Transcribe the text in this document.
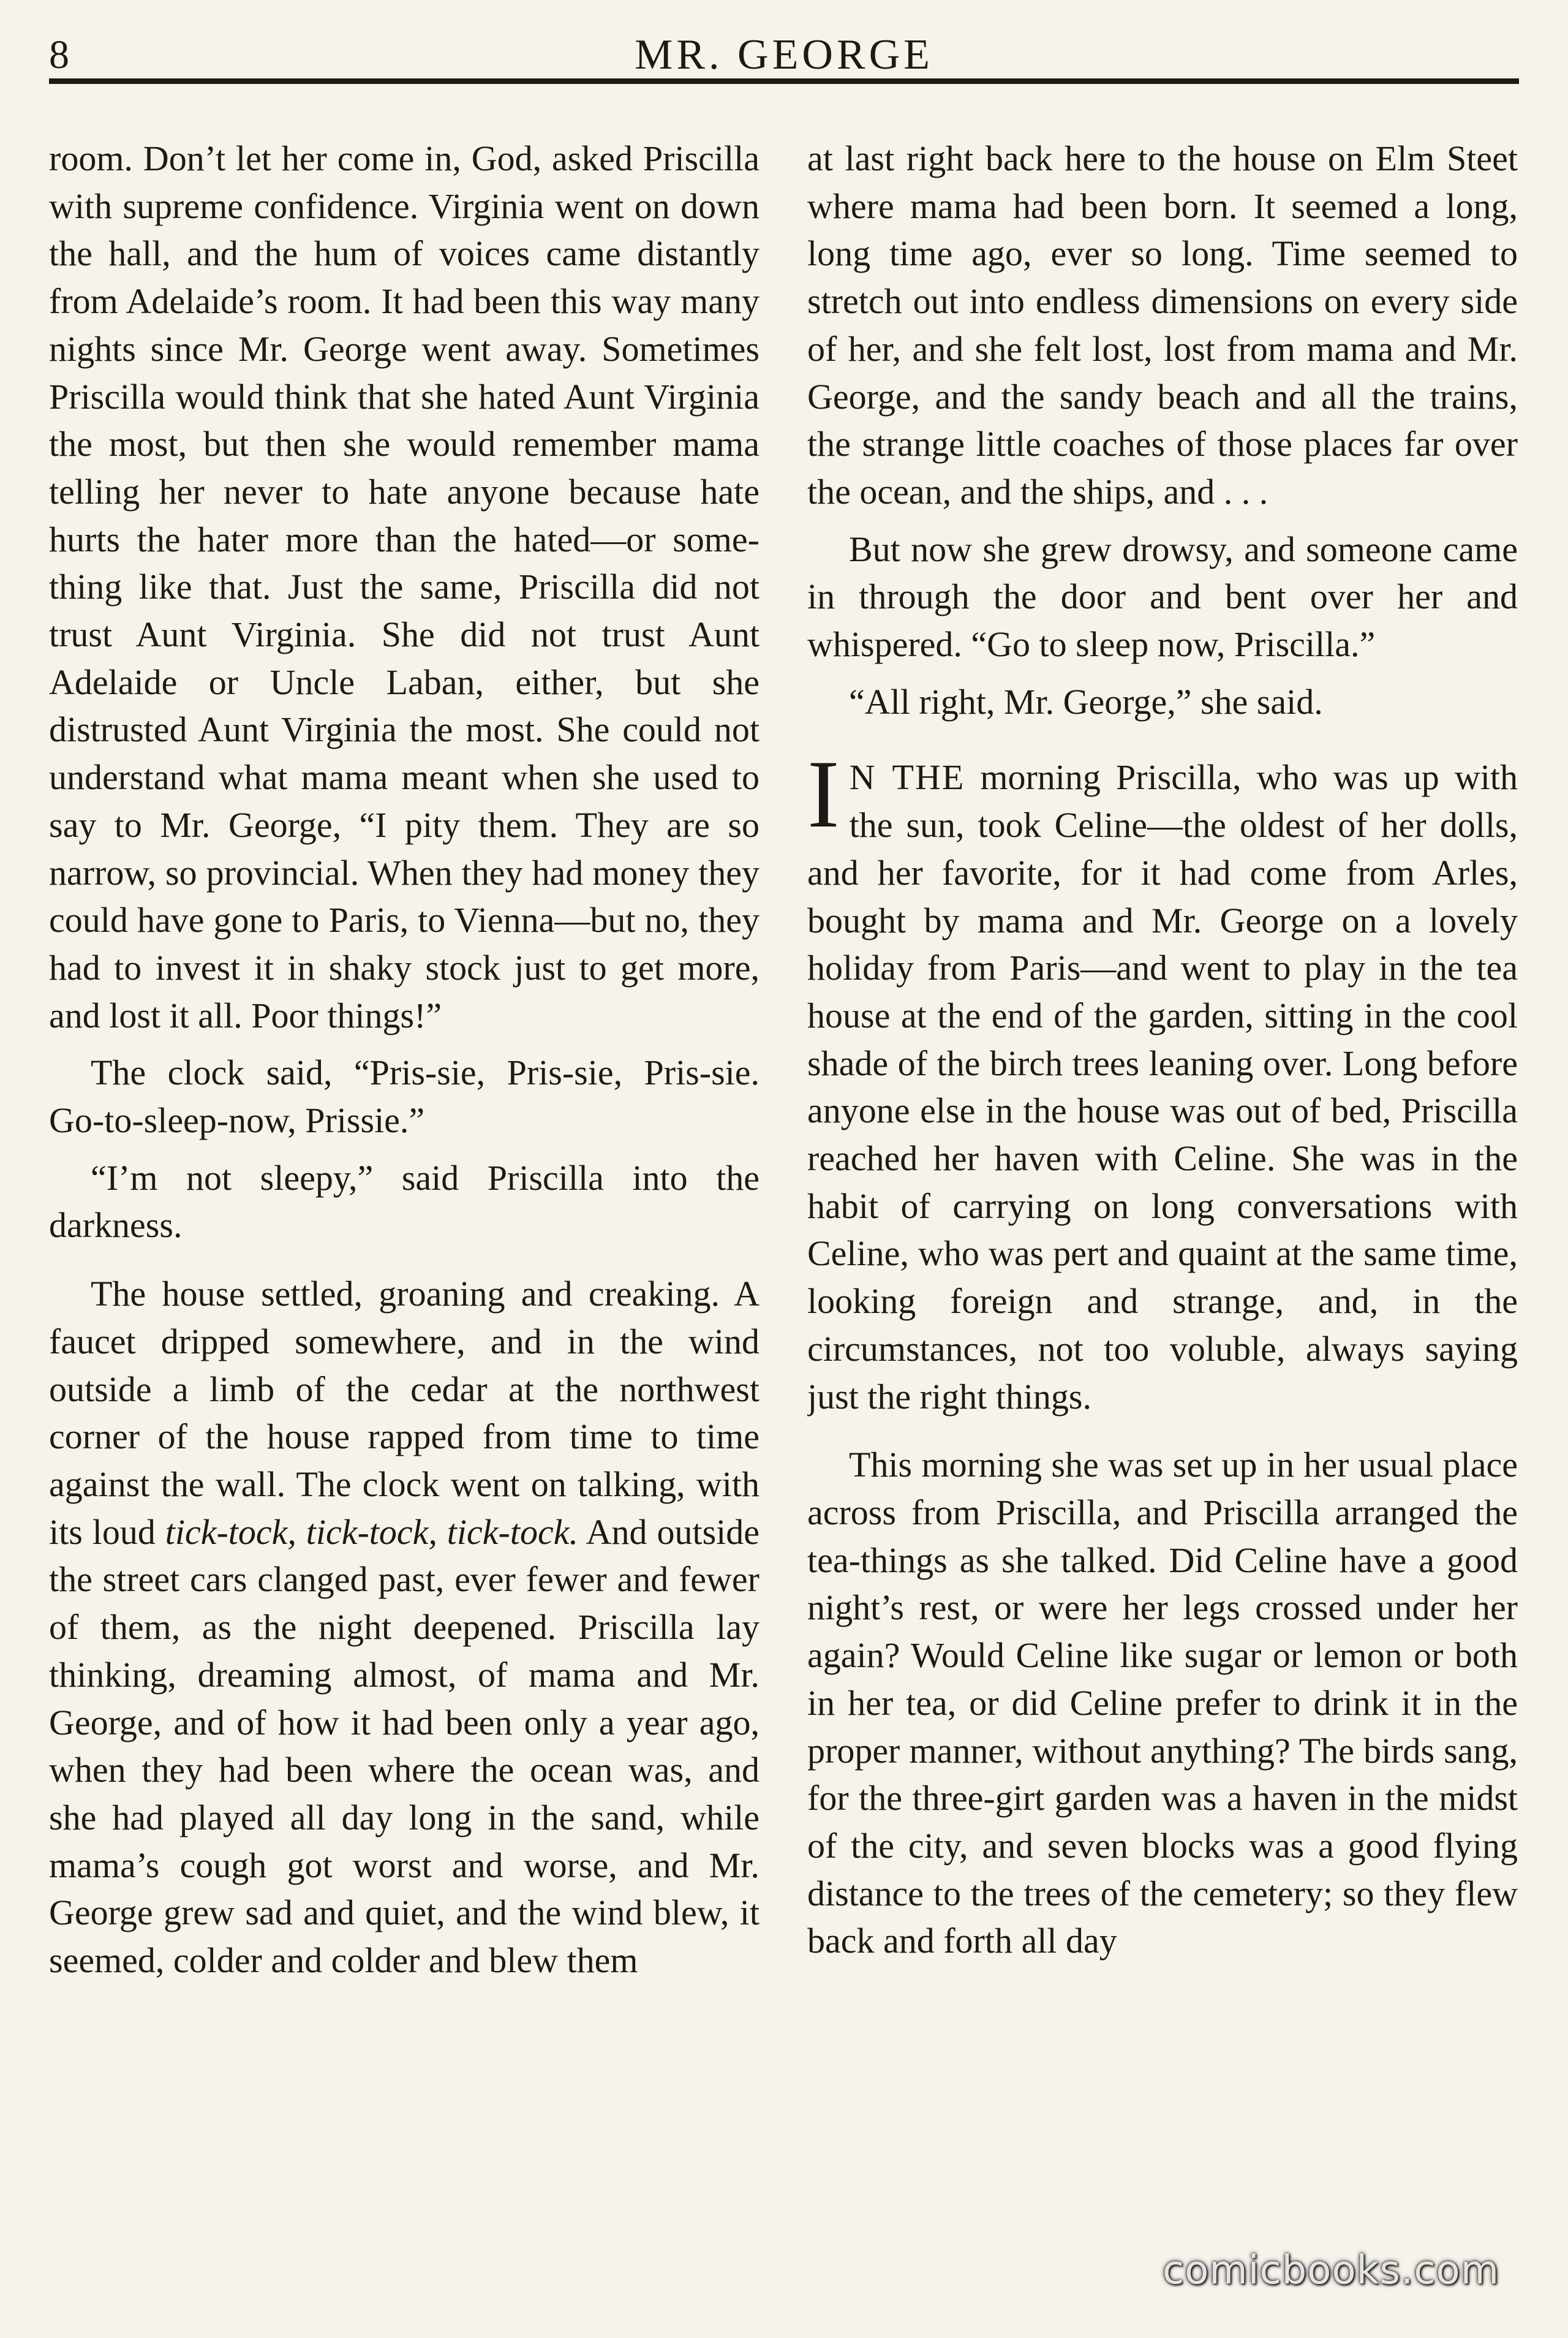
8	MR. GEORGE

room. Don’t let her come in, God, asked Priscilla with supreme confidence. Virginia went on down the hall, and the hum of voices came distantly from Adelaide’s room. It had been this way many nights since Mr. George went away. Sometimes Priscilla would think that she hated Aunt Virginia the most, but then she would remember mama telling her never to hate anyone because hate hurts the hater more than the hated—or something like that. Just the same, Priscilla did not trust Aunt Virginia. She did not trust Aunt Adelaide or Uncle Laban, either, but she distrusted Aunt Virginia the most. She could not understand what mama meant when she used to say to Mr. George, “I pity them. They are so narrow, so provincial. When they had money they could have gone to Paris, to Vienna—but no, they had to invest it in shaky stock just to get more, and lost it all. Poor things!”

The clock said, “Pris-sie, Pris-sie, Pris-sie. Go-to-sleep-now, Prissie.”

“I’m not sleepy,” said Priscilla into the darkness.

The house settled, groaning and creaking. A faucet dripped somewhere, and in the wind outside a limb of the cedar at the northwest corner of the house rapped from time to time against the wall. The clock went on talking, with its loud tick-tock, tick-tock, tick-tock. And outside the street cars clanged past, ever fewer and fewer of them, as the night deepened. Priscilla lay thinking, dreaming almost, of mama and Mr. George, and of how it had been only a year ago, when they had been where the ocean was, and she had played all day long in the sand, while mama’s cough got worst and worse, and Mr. George grew sad and quiet, and the wind blew, it seemed, colder and colder and blew them

at last right back here to the house on Elm Steet where mama had been born. It seemed a long, long time ago, ever so long. Time seemed to stretch out into endless dimensions on every side of her, and she felt lost, lost from mama and Mr. George, and the sandy beach and all the trains, the strange little coaches of those places far over the ocean, and the ships, and . . .

But now she grew drowsy, and someone came in through the door and bent over her and whispered. “Go to sleep now, Priscilla.”

“All right, Mr. George,” she said.

I N THE morning Priscilla, who was up with the sun, took Celine—the oldest of her dolls, and her favorite, for it had come from Arles, bought by mama and Mr. George on a lovely holiday from Paris—and went to play in the tea house at the end of the garden, sitting in the cool shade of the birch trees leaning over. Long before anyone else in the house was out of bed, Priscilla reached her haven with Celine. She was in the habit of carrying on long conversations with Celine, who was pert and quaint at the same time, looking foreign and strange, and, in the circumstances, not too voluble, always saying just the right things.

This morning she was set up in her usual place across from Priscilla, and Priscilla arranged the tea-things as she talked. Did Celine have a good night’s rest, or were her legs crossed under her again? Would Celine like sugar or lemon or both in her tea, or did Celine prefer to drink it in the proper manner, without anything? The birds sang, for the three-girt garden was a haven in the midst of the city, and seven blocks was a good flying distance to the trees of the cemetery; so they flew back and forth all day

comicbooks.com
